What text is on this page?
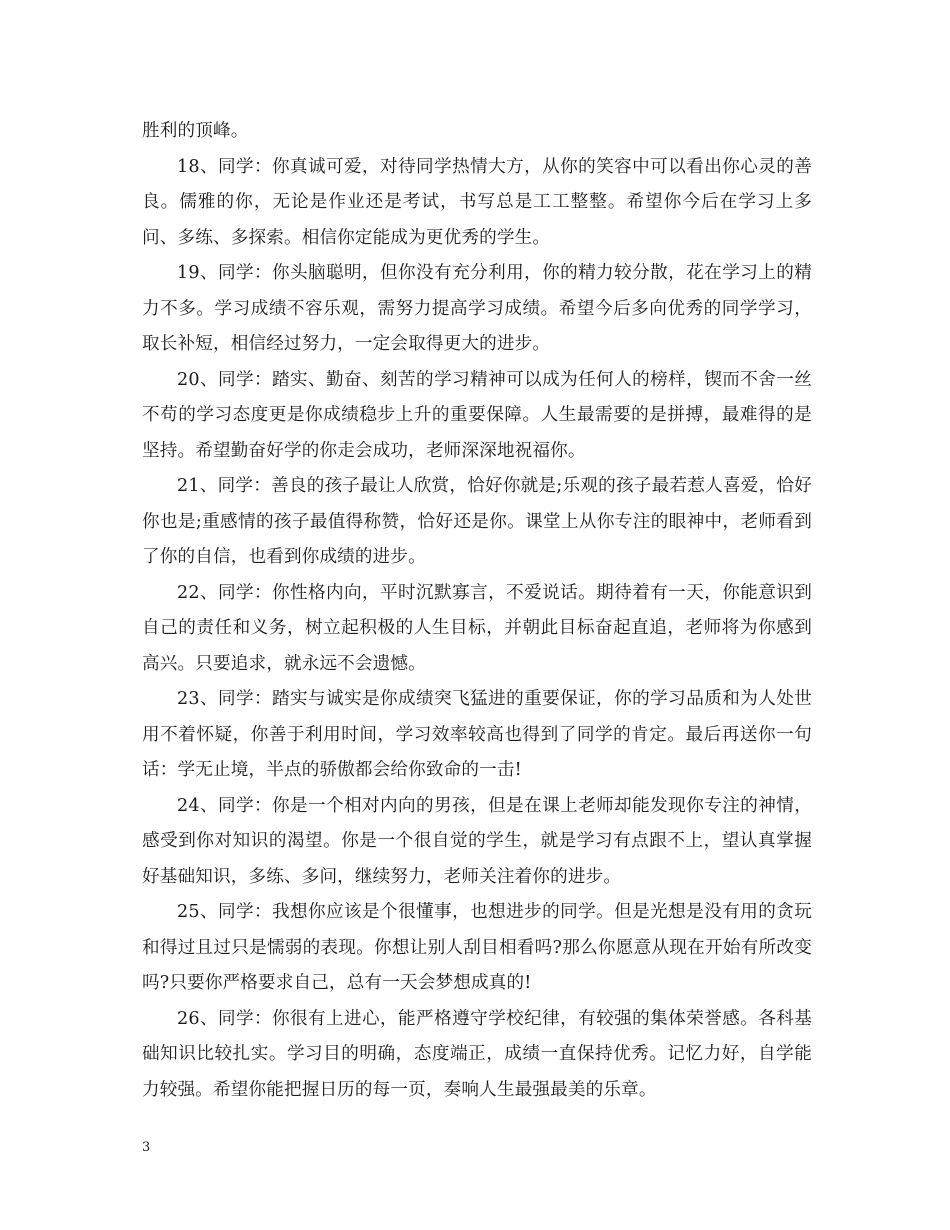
胜利的顶峰。

18、同学：你真诚可爱，对待同学热情大方，从你的笑容中可以看出你心灵的善良。儒雅的你，无论是作业还是考试，书写总是工工整整。希望你今后在学习上多问、多练、多探索。相信你定能成为更优秀的学生。

19、同学：你头脑聪明，但你没有充分利用，你的精力较分散，花在学习上的精力不多。学习成绩不容乐观，需努力提高学习成绩。希望今后多向优秀的同学学习，取长补短，相信经过努力，一定会取得更大的进步。

20、同学：踏实、勤奋、刻苦的学习精神可以成为任何人的榜样，锲而不舍一丝不苟的学习态度更是你成绩稳步上升的重要保障。人生最需要的是拼搏，最难得的是坚持。希望勤奋好学的你走会成功，老师深深地祝福你。

21、同学：善良的孩子最让人欣赏，恰好你就是;乐观的孩子最若惹人喜爱，恰好你也是;重感情的孩子最值得称赞，恰好还是你。课堂上从你专注的眼神中，老师看到了你的自信，也看到你成绩的进步。

22、同学：你性格内向，平时沉默寡言，不爱说话。期待着有一天，你能意识到自己的责任和义务，树立起积极的人生目标，并朝此目标奋起直追，老师将为你感到高兴。只要追求，就永远不会遗憾。

23、同学：踏实与诚实是你成绩突飞猛进的重要保证，你的学习品质和为人处世用不着怀疑，你善于利用时间，学习效率较高也得到了同学的肯定。最后再送你一句话：学无止境，半点的骄傲都会给你致命的一击!

24、同学：你是一个相对内向的男孩，但是在课上老师却能发现你专注的神情，感受到你对知识的渴望。你是一个很自觉的学生，就是学习有点跟不上，望认真掌握好基础知识，多练、多问，继续努力，老师关注着你的进步。

25、同学：我想你应该是个很懂事，也想进步的同学。但是光想是没有用的贪玩和得过且过只是懦弱的表现。你想让别人刮目相看吗?那么你愿意从现在开始有所改变吗?只要你严格要求自己，总有一天会梦想成真的!

26、同学：你很有上进心，能严格遵守学校纪律，有较强的集体荣誉感。各科基础知识比较扎实。学习目的明确，态度端正，成绩一直保持优秀。记忆力好，自学能力较强。希望你能把握日历的每一页，奏响人生最强最美的乐章。

3
